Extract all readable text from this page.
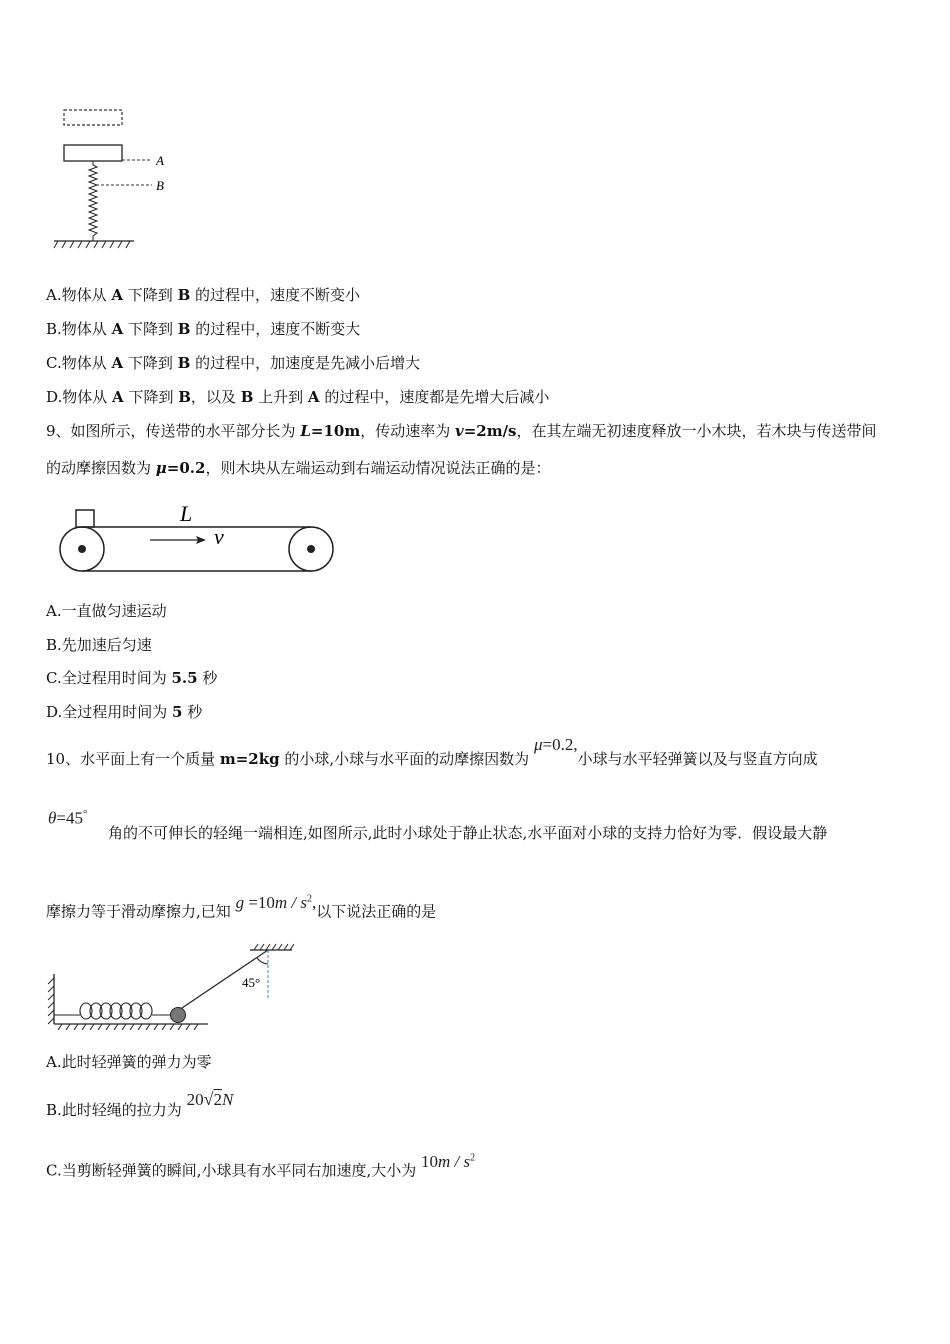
A
B
A.物体从 A 下降到 B 的过程中，速度不断变小
B.物体从 A 下降到 B 的过程中，速度不断变大
C.物体从 A 下降到 B 的过程中，加速度是先减小后增大
D.物体从 A 下降到 B，以及 B 上升到 A 的过程中，速度都是先增大后减小
9、如图所示，传送带的水平部分长为 L=10m，传动速率为 v=2m/s，在其左端无初速度释放一小木块，若木块与传送带间
的动摩擦因数为 μ=0.2，则木块从左端运动到右端运动情况说法正确的是：
L
v
A.一直做匀速运动
B.先加速后匀速
C.全过程用时间为 5.5 秒
D.全过程用时间为 5 秒
10、水平面上有一个质量 m=2kg 的小球,小球与水平面的动摩擦因数为 μ=0.2,小球与水平轻弹簧以及与竖直方向成
θ=45°
角的不可伸长的轻绳一端相连,如图所示,此时小球处于静止状态,水平面对小球的支持力恰好为零．假设最大静
摩擦力等于滑动摩擦力,已知 $g =10m / s^2$,以下说法正确的是
45°
A.此时轻弹簧的弹力为零
B.此时轻绳的拉力为 20√2N
C.当剪断轻弹簧的瞬间,小球具有水平同右加速度,大小为 $10m / s^2$
